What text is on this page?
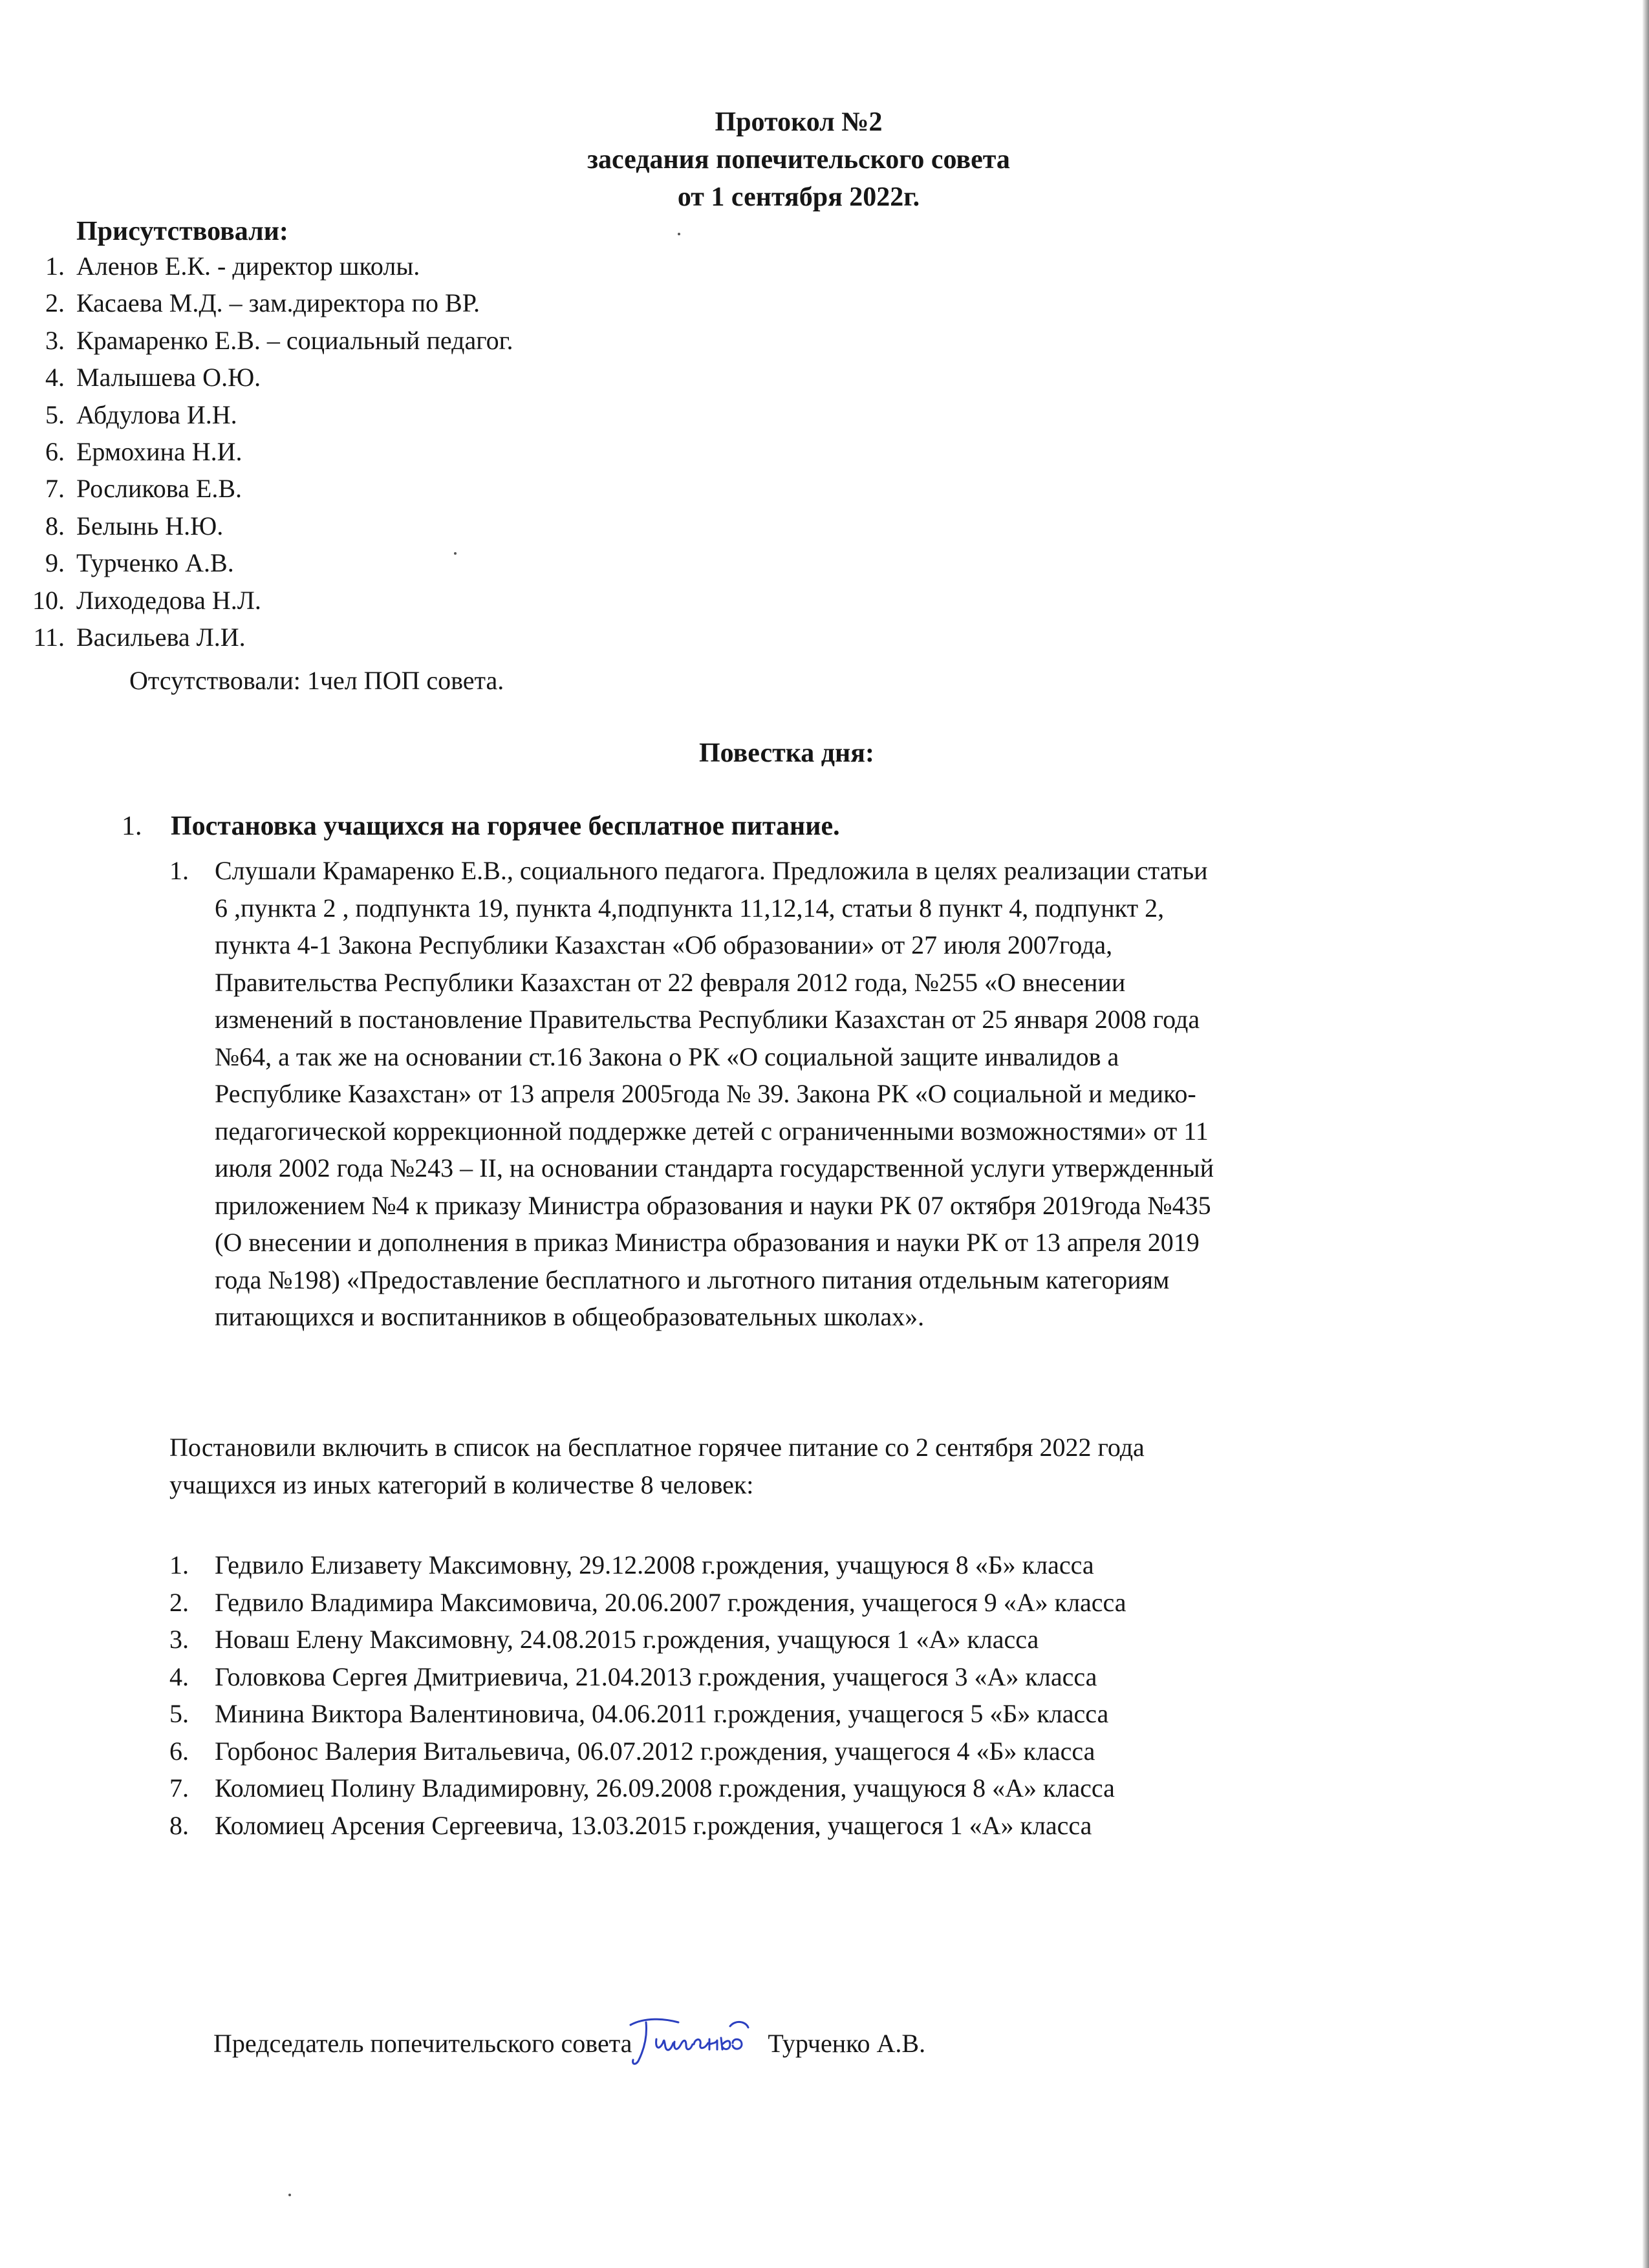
Протокол №2
заседания попечительского совета
от 1 сентября 2022г.
Присутствовали:
1. Аленов Е.К. - директор школы.
2. Касаева М.Д. – зам.директора по ВР.
3. Крамаренко Е.В. – социальный педагог.
4. Малышева О.Ю.
5. Абдулова И.Н.
6. Ермохина Н.И.
7. Росликова Е.В.
8. Белынь Н.Ю.
9. Турченко А.В.
10. Лиходедова Н.Л.
11. Васильева Л.И.
Отсутствовали: 1чел ПОП совета.
Повестка дня:
1. Постановка учащихся на горячее бесплатное питание.
1.	Слушали Крамаренко Е.В., социального педагога. Предложила в целях реализации статьи
6 ,пункта 2 , подпункта 19, пункта 4,подпункта 11,12,14, статьи 8 пункт 4, подпункт 2,
пункта 4-1 Закона Республики Казахстан «Об образовании» от 27 июля 2007года,
Правительства Республики Казахстан от 22 февраля 2012 года, №255 «О внесении
изменений в постановление Правительства Республики Казахстан от 25 января 2008 года
№64, а так же на основании ст.16 Закона о РК «О социальной защите инвалидов а
Республике Казахстан» от 13 апреля 2005года № 39. Закона РК «О социальной и медико-
педагогической коррекционной поддержке детей с ограниченными возможностями» от 11
июля 2002 года №243 – II, на основании стандарта государственной услуги утвержденный
приложением №4 к приказу Министра образования и науки РК 07 октября 2019года №435
(О внесении и дополнения в приказ Министра образования и науки РК от 13 апреля 2019
года №198) «Предоставление бесплатного и льготного питания отдельным категориям
питающихся и воспитанников в общеобразовательных школах».
Постановили включить в список на бесплатное горячее питание со 2 сентября 2022 года
учащихся из иных категорий в количестве 8 человек:
1. Гедвило Елизавету Максимовну, 29.12.2008 г.рождения, учащуюся 8 «Б» класса
2. Гедвило Владимира Максимовича, 20.06.2007 г.рождения, учащегося 9 «А» класса
3. Новаш Елену Максимовну, 24.08.2015 г.рождения, учащуюся 1 «А» класса
4. Головкова Сергея Дмитриевича, 21.04.2013 г.рождения, учащегося 3 «А» класса
5. Минина Виктора Валентиновича, 04.06.2011 г.рождения, учащегося 5 «Б» класса
6. Горбонос Валерия Витальевича, 06.07.2012 г.рождения, учащегося 4 «Б» класса
7. Коломиец Полину Владимировну, 26.09.2008 г.рождения, учащуюся 8 «А» класса
8. Коломиец Арсения Сергеевича, 13.03.2015 г.рождения, учащегося 1 «А» класса
Председатель попечительского совета	Турченко А.В.
